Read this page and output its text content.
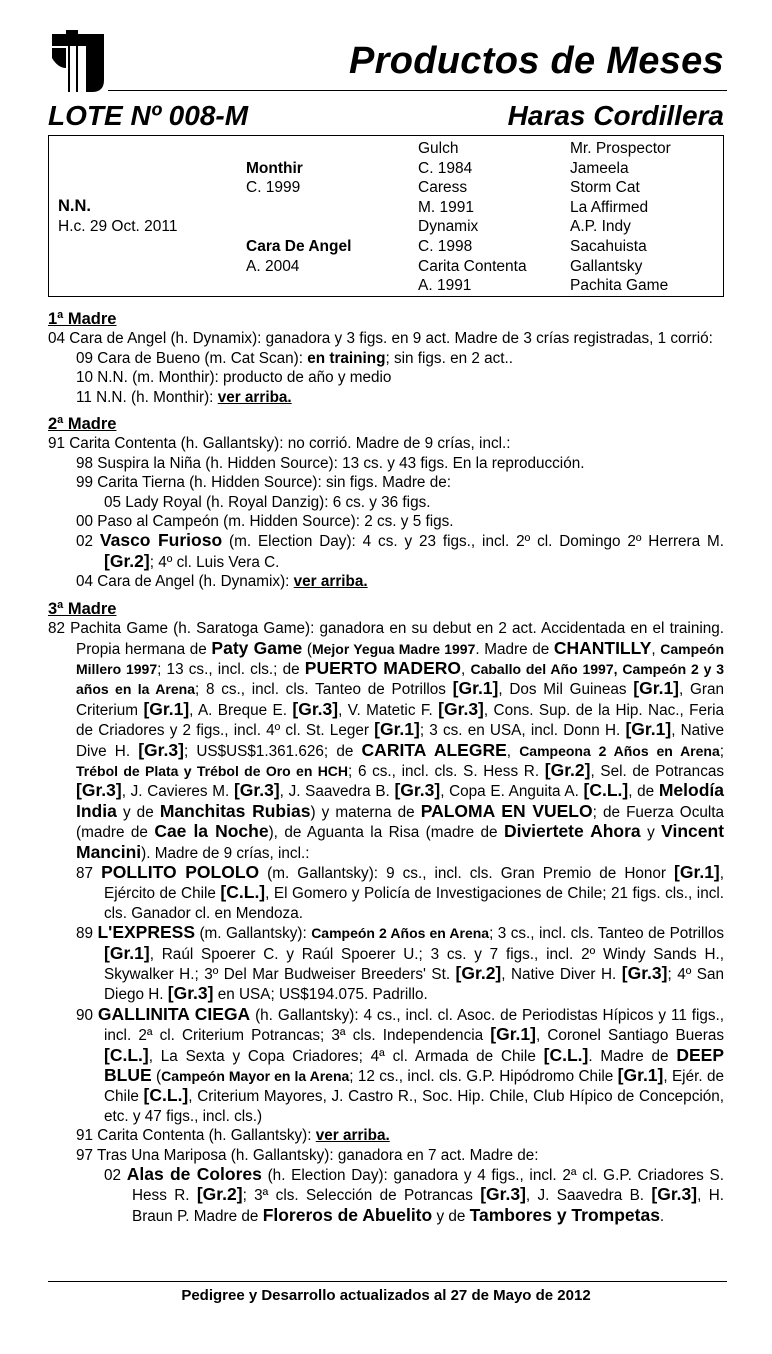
Productos de Meses
LOTE Nº 008-M	Haras Cordillera
N.N.
H.c. 29 Oct. 2011
Monthir
C. 1999
Cara De Angel
A. 2004
Gulch
C. 1984
Caress
M. 1991
Dynamix
C. 1998
Carita Contenta
A. 1991
Mr. Prospector
Jameela
Storm Cat
La Affirmed
A.P. Indy
Sacahuista
Gallantsky
Pachita Game
1ª Madre
04 Cara de Angel (h. Dynamix): ganadora y 3 figs. en 9 act. Madre de 3 crías registradas, 1 corrió:
09 Cara de Bueno (m. Cat Scan): en training; sin figs. en 2 act..
10 N.N. (m. Monthir): producto de año y medio
11 N.N. (h. Monthir): ver arriba.
2ª Madre
91 Carita Contenta (h. Gallantsky): no corrió. Madre de 9 crías, incl.:
98 Suspira la Niña (h. Hidden Source): 13 cs. y 43 figs. En la reproducción.
99 Carita Tierna (h. Hidden Source): sin figs. Madre de:
05 Lady Royal (h. Royal Danzig): 6 cs. y 36 figs.
00 Paso al Campeón (m. Hidden Source): 2 cs. y 5 figs.
02 Vasco Furioso (m. Election Day): 4 cs. y 23 figs., incl. 2º cl. Domingo 2º Herrera M. [Gr.2]; 4º cl. Luis Vera C.
04 Cara de Angel (h. Dynamix): ver arriba.
3ª Madre
82 Pachita Game (h. Saratoga Game): ganadora en su debut en 2 act. Accidentada en el training. Propia hermana de Paty Game (Mejor Yegua Madre 1997. Madre de CHANTILLY, Campeón Millero 1997; 13 cs., incl. cls.; de PUERTO MADERO, Caballo del Año 1997, Campeón 2 y 3 años en la Arena; 8 cs., incl. cls. Tanteo de Potrillos [Gr.1], Dos Mil Guineas [Gr.1], Gran Criterium [Gr.1], A. Breque E. [Gr.3], V. Matetic F. [Gr.3], Cons. Sup. de la Hip. Nac., Feria de Criadores y 2 figs., incl. 4º cl. St. Leger [Gr.1]; 3 cs. en USA, incl. Donn H. [Gr.1], Native Dive H. [Gr.3]; US$US$1.361.626; de CARITA ALEGRE, Campeona 2 Años en Arena; Trébol de Plata y Trébol de Oro en HCH; 6 cs., incl. cls. S. Hess R. [Gr.2], Sel. de Potrancas [Gr.3], J. Cavieres M. [Gr.3], J. Saavedra B. [Gr.3], Copa E. Anguita A. [C.L.], de Melodía India y de Manchitas Rubias) y materna de PALOMA EN VUELO; de Fuerza Oculta (madre de Cae la Noche), de Aguanta la Risa (madre de Diviertete Ahora y Vincent Mancini). Madre de 9 crías, incl.:
87 POLLITO POLOLO (m. Gallantsky): 9 cs., incl. cls. Gran Premio de Honor [Gr.1], Ejército de Chile [C.L.], El Gomero y Policía de Investigaciones de Chile; 21 figs. cls., incl. cls. Ganador cl. en Mendoza.
89 L'EXPRESS (m. Gallantsky): Campeón 2 Años en Arena; 3 cs., incl. cls. Tanteo de Potrillos [Gr.1], Raúl Spoerer C. y Raúl Spoerer U.; 3 cs. y 7 figs., incl. 2º Windy Sands H., Skywalker H.; 3º Del Mar Budweiser Breeders' St. [Gr.2], Native Diver H. [Gr.3]; 4º San Diego H. [Gr.3] en USA; US$194.075. Padrillo.
90 GALLINITA CIEGA (h. Gallantsky): 4 cs., incl. cl. Asoc. de Periodistas Hípicos y 11 figs., incl. 2ª cl. Criterium Potrancas; 3ª cls. Independencia [Gr.1], Coronel Santiago Bueras [C.L.], La Sexta y Copa Criadores; 4ª cl. Armada de Chile [C.L.]. Madre de DEEP BLUE (Campeón Mayor en la Arena; 12 cs., incl. cls. G.P. Hipódromo Chile [Gr.1], Ejér. de Chile [C.L.], Criterium Mayores, J. Castro R., Soc. Hip. Chile, Club Hípico de Concepción, etc. y 47 figs., incl. cls.)
91 Carita Contenta (h. Gallantsky): ver arriba.
97 Tras Una Mariposa (h. Gallantsky): ganadora en 7 act. Madre de:
02 Alas de Colores (h. Election Day): ganadora y 4 figs., incl. 2ª cl. G.P. Criadores S. Hess R. [Gr.2]; 3ª cls. Selección de Potrancas [Gr.3], J. Saavedra B. [Gr.3], H. Braun P. Madre de Floreros de Abuelito y de Tambores y Trompetas.
Pedigree y Desarrollo actualizados al 27 de Mayo de 2012
